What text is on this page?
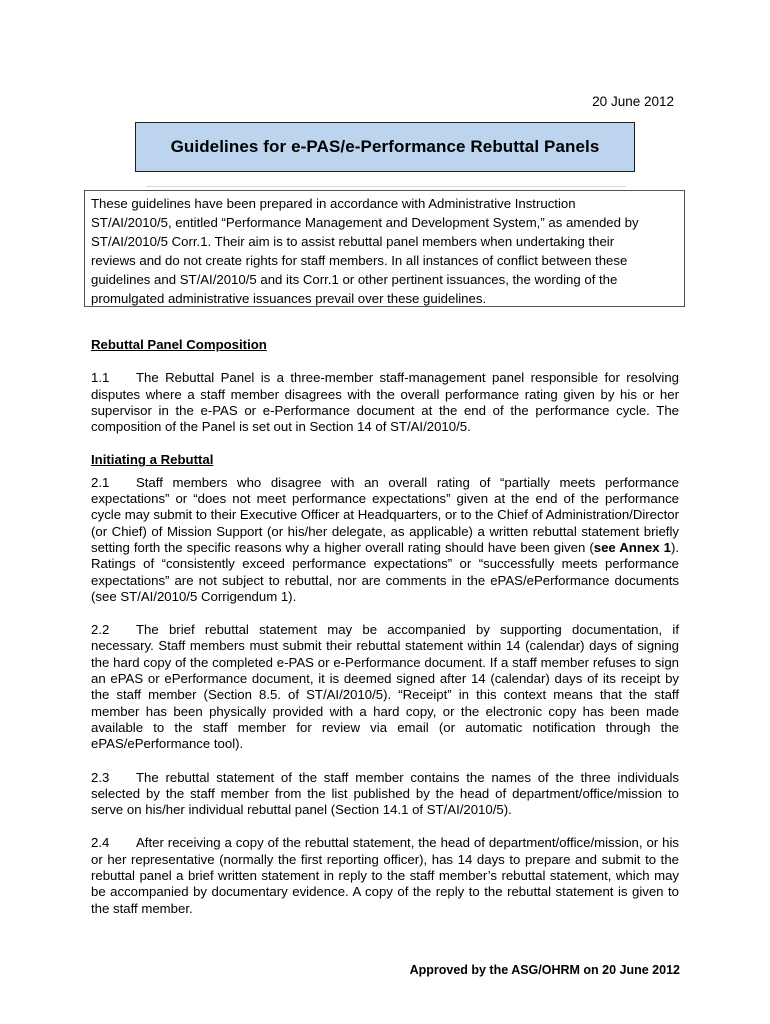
20 June 2012
Guidelines for e-PAS/e-Performance Rebuttal Panels
These guidelines have been prepared in accordance with Administrative Instruction
ST/AI/2010/5, entitled “Performance Management and Development System,” as amended by
ST/AI/2010/5 Corr.1. Their aim is to assist rebuttal panel members when undertaking their
reviews and do not create rights for staff members. In all instances of conflict between these
guidelines and ST/AI/2010/5 and its Corr.1 or other pertinent issuances, the wording of the
promulgated administrative issuances prevail over these guidelines.

Rebuttal Panel Composition

1.1 The Rebuttal Panel is a three-member staff-management panel responsible for resolving disputes where a staff member disagrees with the overall performance rating given by his or her supervisor in the e-PAS or e-Performance document at the end of the performance cycle. The composition of the Panel is set out in Section 14 of ST/AI/2010/5.

Initiating a Rebuttal

2.1 Staff members who disagree with an overall rating of “partially meets performance expectations” or “does not meet performance expectations” given at the end of the performance cycle may submit to their Executive Officer at Headquarters, or to the Chief of Administration/Director (or Chief) of Mission Support (or his/her delegate, as applicable) a written rebuttal statement briefly setting forth the specific reasons why a higher overall rating should have been given (see Annex 1). Ratings of “consistently exceed performance expectations” or “successfully meets performance expectations” are not subject to rebuttal, nor are comments in the ePAS/ePerformance documents (see ST/AI/2010/5 Corrigendum 1).

2.2 The brief rebuttal statement may be accompanied by supporting documentation, if necessary. Staff members must submit their rebuttal statement within 14 (calendar) days of signing the hard copy of the completed e-PAS or e-Performance document. If a staff member refuses to sign an ePAS or ePerformance document, it is deemed signed after 14 (calendar) days of its receipt by the staff member (Section 8.5. of ST/AI/2010/5). “Receipt” in this context means that the staff member has been physically provided with a hard copy, or the electronic copy has been made available to the staff member for review via email (or automatic notification through the ePAS/ePerformance tool).

2.3 The rebuttal statement of the staff member contains the names of the three individuals selected by the staff member from the list published by the head of department/office/mission to serve on his/her individual rebuttal panel (Section 14.1 of ST/AI/2010/5).

2.4 After receiving a copy of the rebuttal statement, the head of department/office/mission, or his or her representative (normally the first reporting officer), has 14 days to prepare and submit to the rebuttal panel a brief written statement in reply to the staff member’s rebuttal statement, which may be accompanied by documentary evidence. A copy of the reply to the rebuttal statement is given to the staff member.

Approved by the ASG/OHRM on 20 June 2012
